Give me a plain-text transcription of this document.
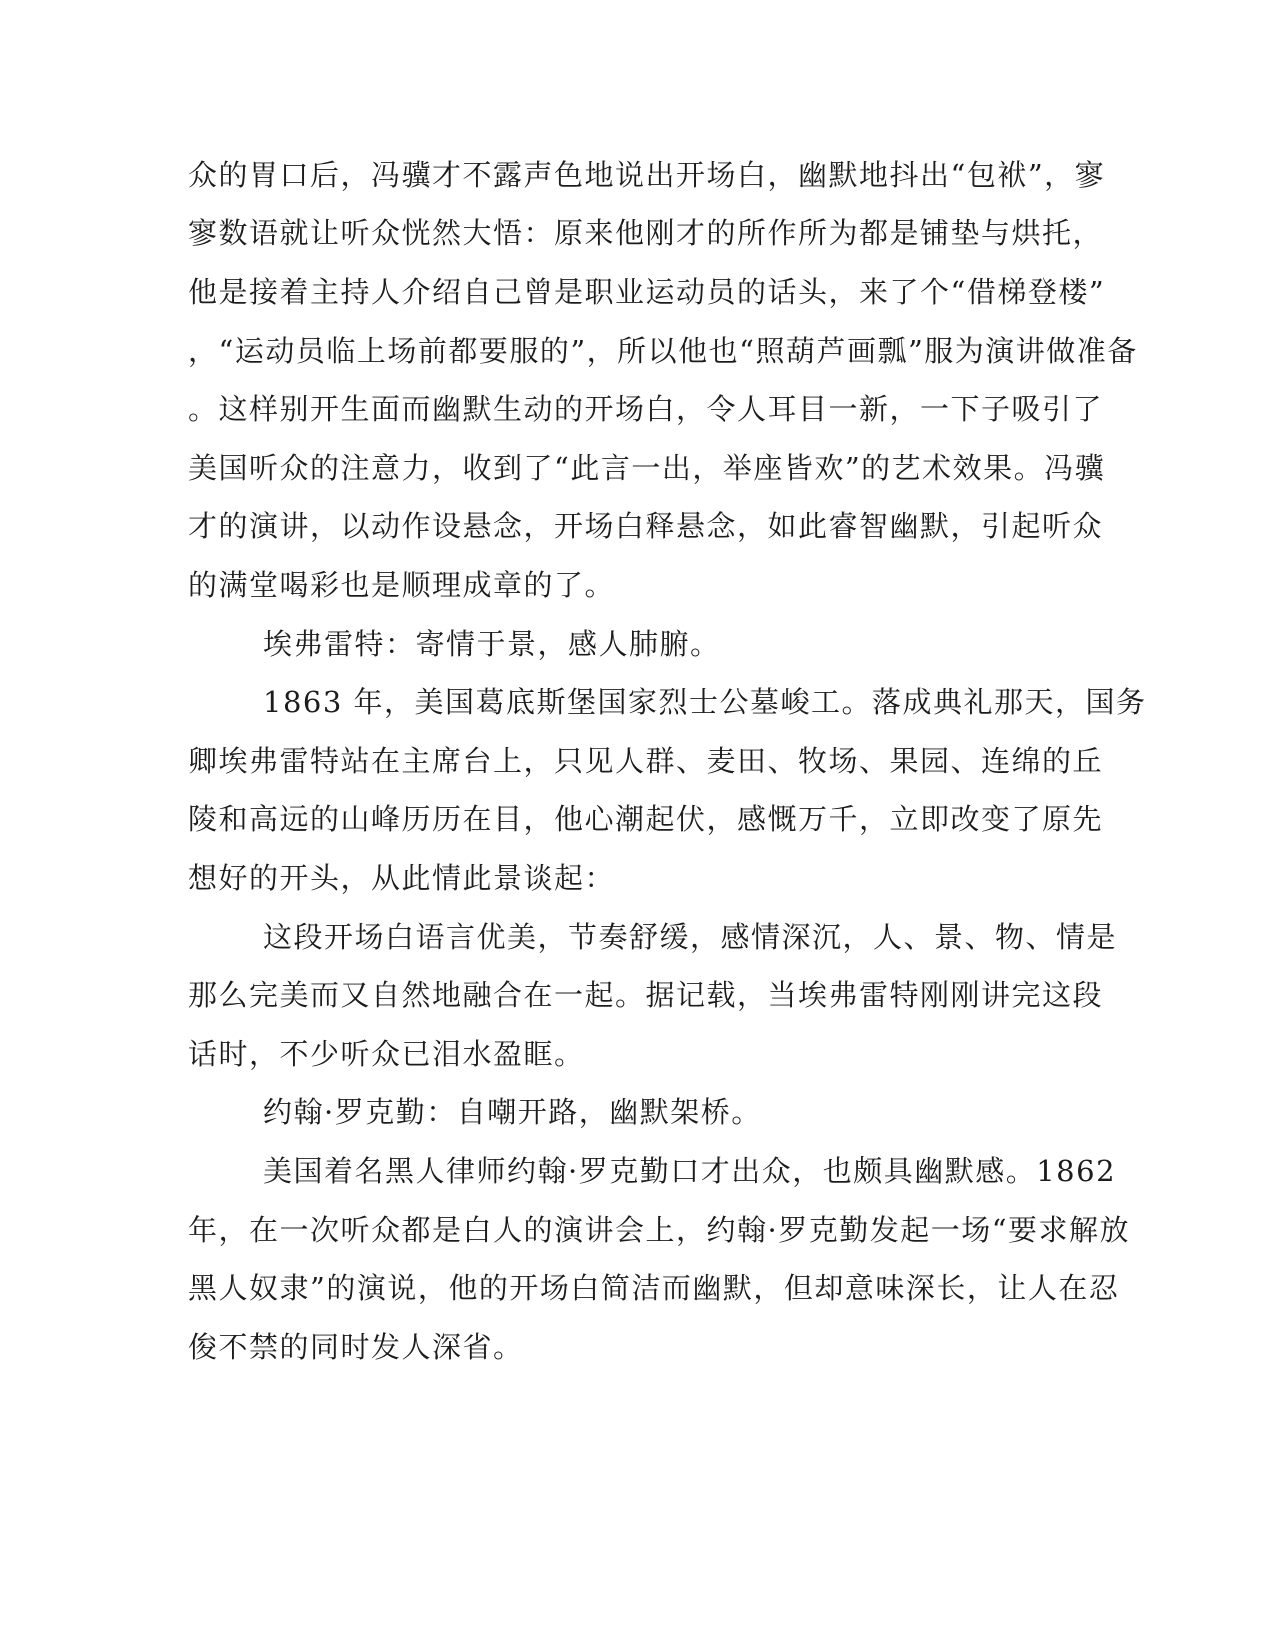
众的胃口后，冯骥才不露声色地说出开场白，幽默地抖出“包袱”，寥
寥数语就让听众恍然大悟：原来他刚才的所作所为都是铺垫与烘托，
他是接着主持人介绍自己曾是职业运动员的话头，来了个“借梯登楼”
，“运动员临上场前都要服的”，所以他也“照葫芦画瓢”服为演讲做准备
。这样别开生面而幽默生动的开场白，令人耳目一新，一下子吸引了
美国听众的注意力，收到了“此言一出，举座皆欢”的艺术效果。冯骥
才的演讲，以动作设悬念，开场白释悬念，如此睿智幽默，引起听众
的满堂喝彩也是顺理成章的了。
埃弗雷特：寄情于景，感人肺腑。
1863 年，美国葛底斯堡国家烈士公墓峻工。落成典礼那天，国务
卿埃弗雷特站在主席台上，只见人群、麦田、牧场、果园、连绵的丘
陵和高远的山峰历历在目，他心潮起伏，感慨万千，立即改变了原先
想好的开头，从此情此景谈起：
这段开场白语言优美，节奏舒缓，感情深沉，人、景、物、情是
那么完美而又自然地融合在一起。据记载，当埃弗雷特刚刚讲完这段
话时，不少听众已泪水盈眶。
约翰·罗克勤：自嘲开路，幽默架桥。
美国着名黑人律师约翰·罗克勤口才出众，也颇具幽默感。1862
年，在一次听众都是白人的演讲会上，约翰·罗克勤发起一场“要求解放
黑人奴隶”的演说，他的开场白简洁而幽默，但却意味深长，让人在忍
俊不禁的同时发人深省。
